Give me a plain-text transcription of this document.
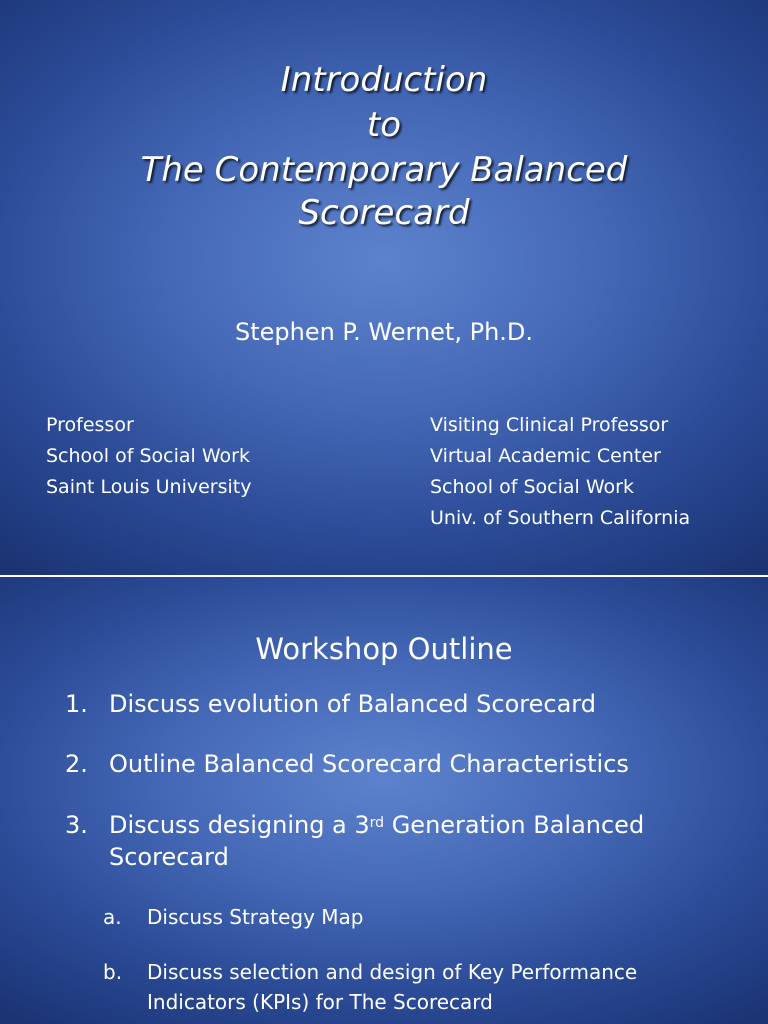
Introduction
to
The Contemporary Balanced
Scorecard
Stephen P. Wernet, Ph.D.
Professor
School of Social Work
Saint Louis University
Visiting Clinical Professor
Virtual Academic Center
School of Social Work
Univ. of Southern California
Workshop Outline
1. Discuss evolution of Balanced Scorecard
2. Outline Balanced Scorecard Characteristics
3. Discuss designing a 3rd Generation Balanced
Scorecard
a. Discuss Strategy Map
b. Discuss selection and design of Key Performance
Indicators (KPIs) for The Scorecard
